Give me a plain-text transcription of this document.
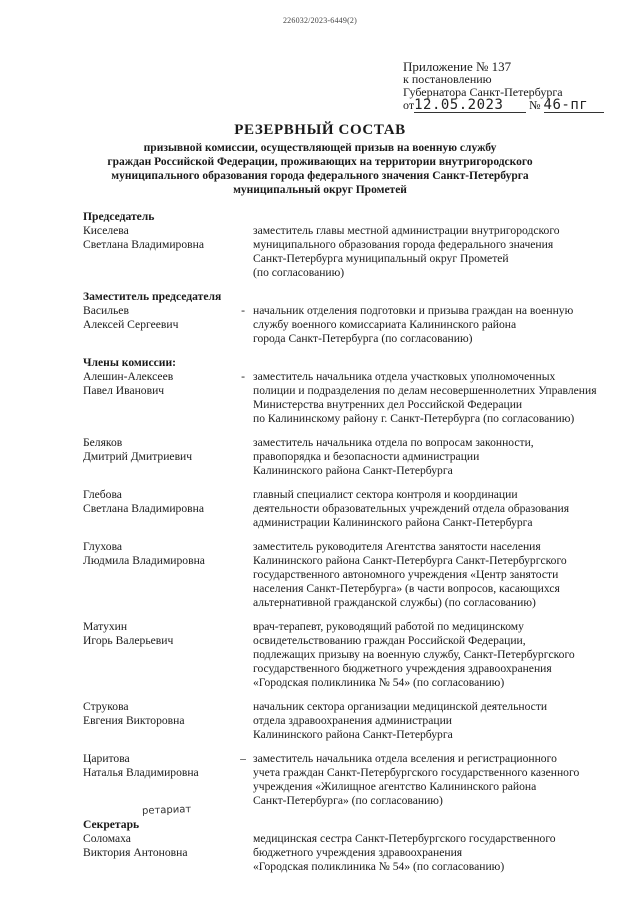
226032/2023-6449(2)
Приложение № 137
к постановлению
Губернатора Санкт-Петербурга
от12.05.2023 № 46-пг
РЕЗЕРВНЫЙ СОСТАВ
призывной комиссии, осуществляющей призыв на военную службу
граждан Российской Федерации, проживающих на территории внутригородского
муниципального образования города федерального значения Санкт-Петербурга
муниципальный округ Прометей
Председатель
Киселева
Светлана Владимировна
заместитель главы местной администрации внутригородского
муниципального образования города федерального значения
Санкт-Петербурга муниципальный округ Прометей
(по согласованию)
Заместитель председателя
Васильев
Алексей Сергеевич
- начальник отделения подготовки и призыва граждан на военную
службу военного комиссариата Калининского района
города Санкт-Петербурга (по согласованию)
Члены комиссии:
Алешин-Алексеев
Павел Иванович
- заместитель начальника отдела участковых уполномоченных
полиции и подразделения по делам несовершеннолетних Управления
Министерства внутренних дел Российской Федерации
по Калининскому району г. Санкт-Петербурга (по согласованию)
Беляков
Дмитрий Дмитриевич
заместитель начальника отдела по вопросам законности,
правопорядка и безопасности администрации
Калининского района Санкт-Петербурга
Глебова
Светлана Владимировна
главный специалист сектора контроля и координации
деятельности образовательных учреждений отдела образования
администрации Калининского района Санкт-Петербурга
Глухова
Людмила Владимировна
заместитель руководителя Агентства занятости населения
Калининского района Санкт-Петербурга Санкт-Петербургского
государственного автономного учреждения «Центр занятости
населения Санкт-Петербурга» (в части вопросов, касающихся
альтернативной гражданской службы) (по согласованию)
Матухин
Игорь Валерьевич
врач-терапевт, руководящий работой по медицинскому
освидетельствованию граждан Российской Федерации,
подлежащих призыву на военную службу, Санкт-Петербургского
государственного бюджетного учреждения здравоохранения
«Городская поликлиника № 54» (по согласованию)
Струкова
Евгения Викторовна
начальник сектора организации медицинской деятельности
отдела здравоохранения администрации
Калининского района Санкт-Петербурга
Царитова
Наталья Владимировна
– заместитель начальника отдела вселения и регистрационного
учета граждан Санкт-Петербургского государственного казенного
учреждения «Жилищное агентство Калининского района
Санкт-Петербурга» (по согласованию)
Секретарь
Соломаха
Виктория Антоновна
медицинская сестра Санкт-Петербургского государственного
бюджетного учреждения здравоохранения
«Городская поликлиника № 54» (по согласованию)
ретариат
